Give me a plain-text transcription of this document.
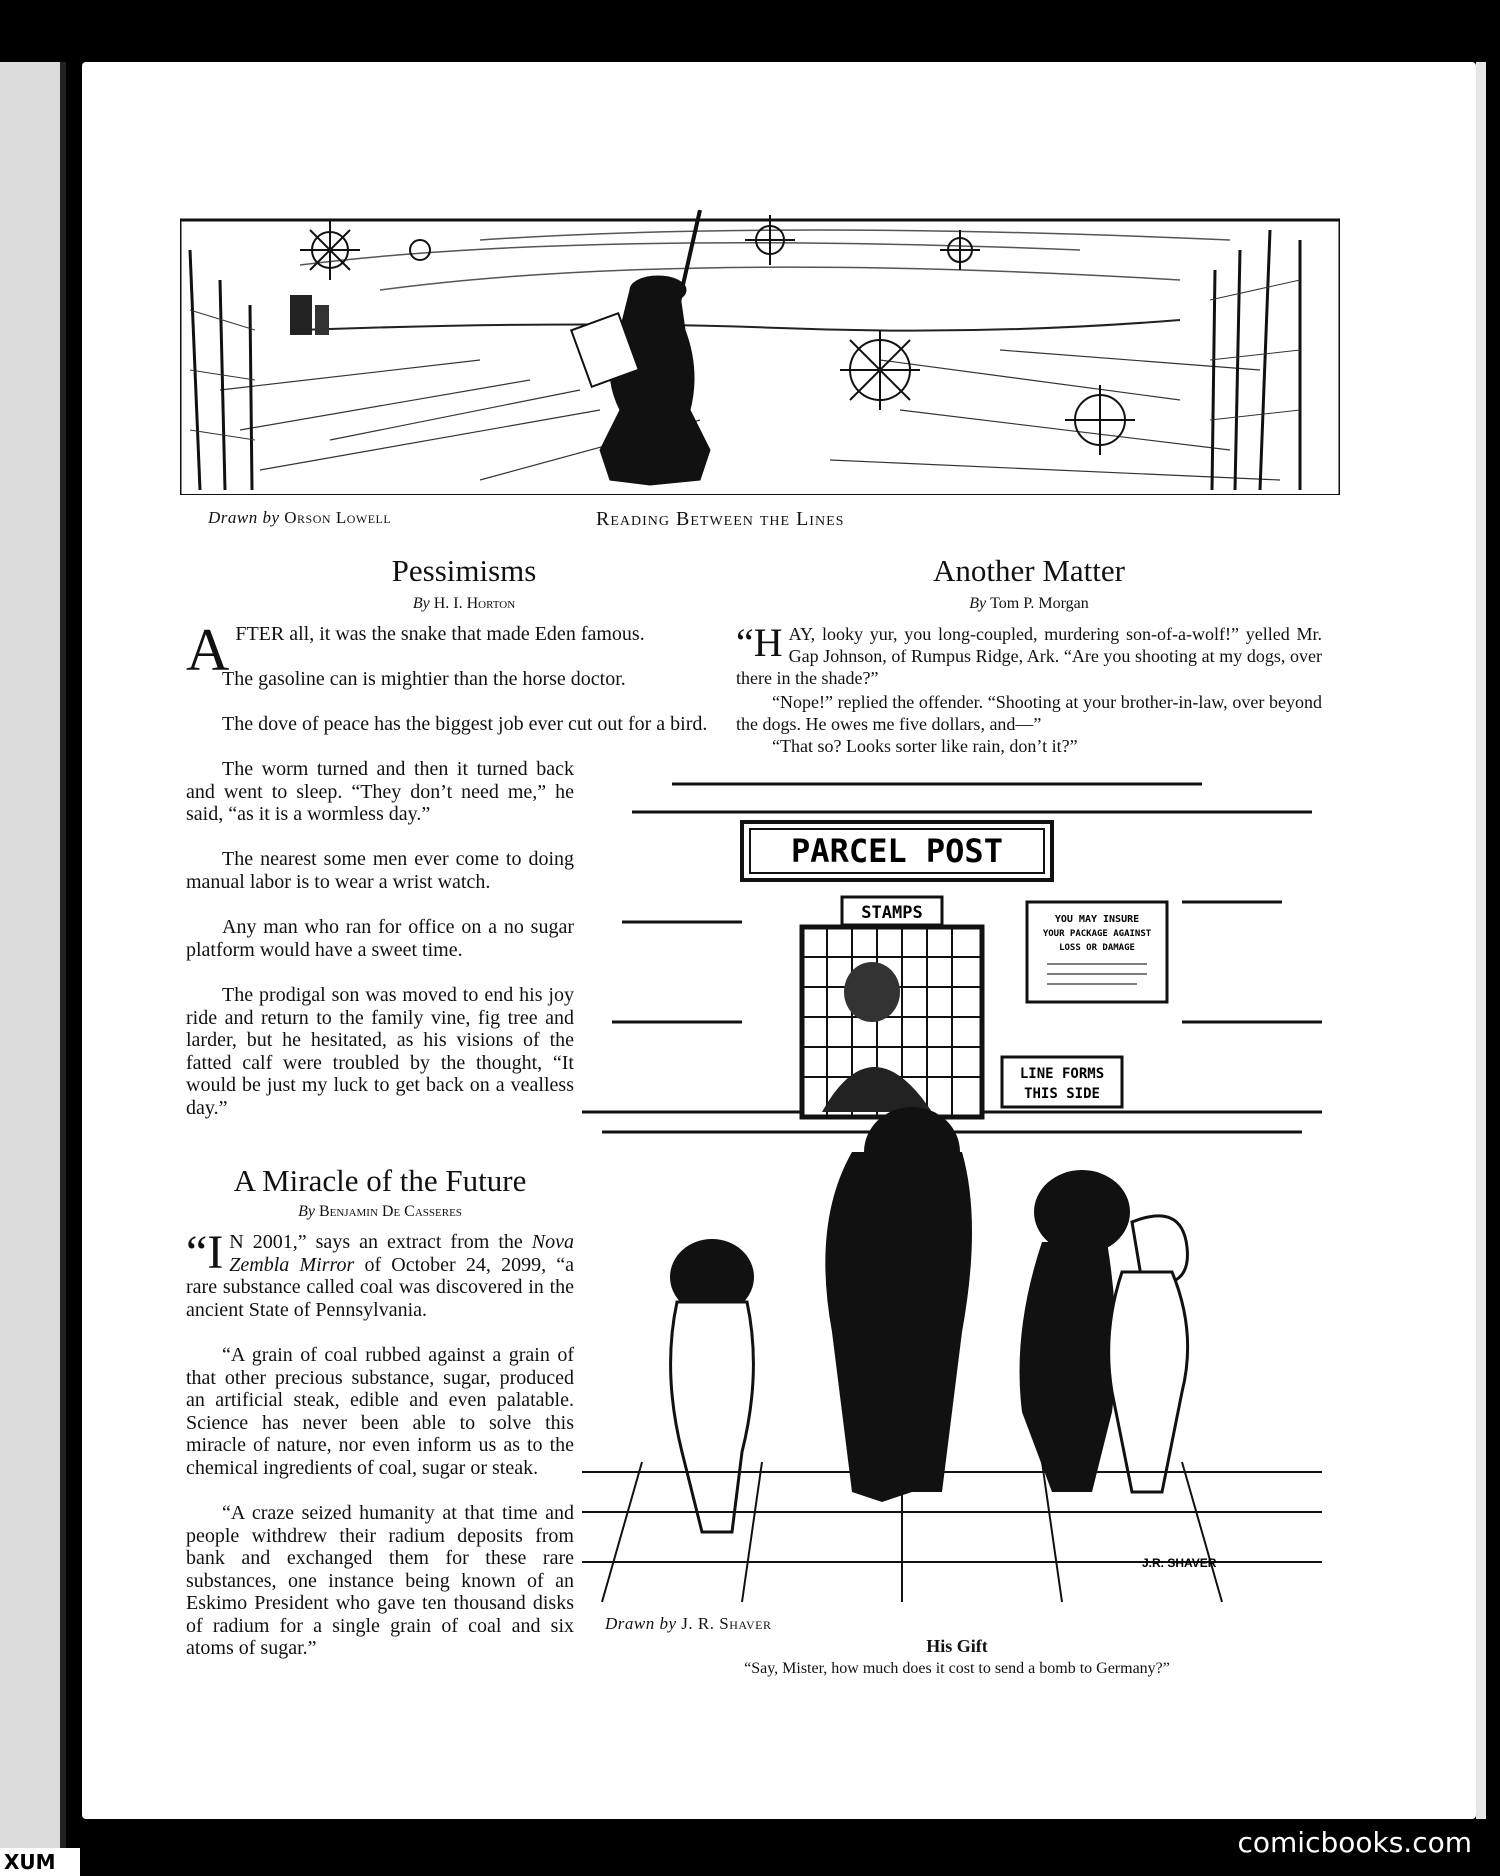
Drawn by Orson Lowell	Reading Between the Lines
Pessimisms
By H. I. Horton

AFTER all, it was the snake that made Eden famous.

The gasoline can is mightier than the horse doctor.

The dove of peace has the biggest job ever cut out for a bird.

The worm turned and then it turned back and went to sleep. “They don’t need me,” he said, “as it is a wormless day.”

The nearest some men ever come to doing manual labor is to wear a wrist watch.

Any man who ran for office on a no sugar platform would have a sweet time.

The prodigal son was moved to end his joy ride and return to the family vine, fig tree and larder, but he hesitated, as his visions of the fatted calf were troubled by the thought, “It would be just my luck to get back on a vealless day.”

A Miracle of the Future
By Benjamin De Casseres

“I N 2001,” says an extract from the Nova Zembla Mirror of October 24, 2099, “a rare substance called coal was discovered in the ancient State of Pennsylvania.

“A grain of coal rubbed against a grain of that other precious substance, sugar, produced an artificial steak, edible and even palatable. Science has never been able to solve this miracle of nature, nor even inform us as to the chemical ingredients of coal, sugar or steak.

“A craze seized humanity at that time and people withdrew their radium deposits from bank and exchanged them for these rare substances, one instance being known of an Eskimo President who gave ten thousand disks of radium for a single grain of coal and six atoms of sugar.”

Another Matter
By Tom P. Morgan

“H AY, looky yur, you long-coupled, murdering son-of-a-wolf!” yelled Mr. Gap Johnson, of Rumpus Ridge, Ark. “Are you shooting at my dogs, over there in the shade?”

“Nope!” replied the offender. “Shooting at your brother-in-law, over beyond the dogs. He owes me five dollars, and—”

“That so? Looks sorter like rain, don’t it?”

PARCEL POST
STAMPS	YOU MAY INSURE
YOUR PACKAGE AGAINST
LOSS OR DAMAGE
LINE FORMS
THIS SIDE
J.R. SHAVER
Drawn by J. R. Shaver
His Gift
“Say, Mister, how much does it cost to send a bomb to Germany?”
comicbooks.com
XUM
